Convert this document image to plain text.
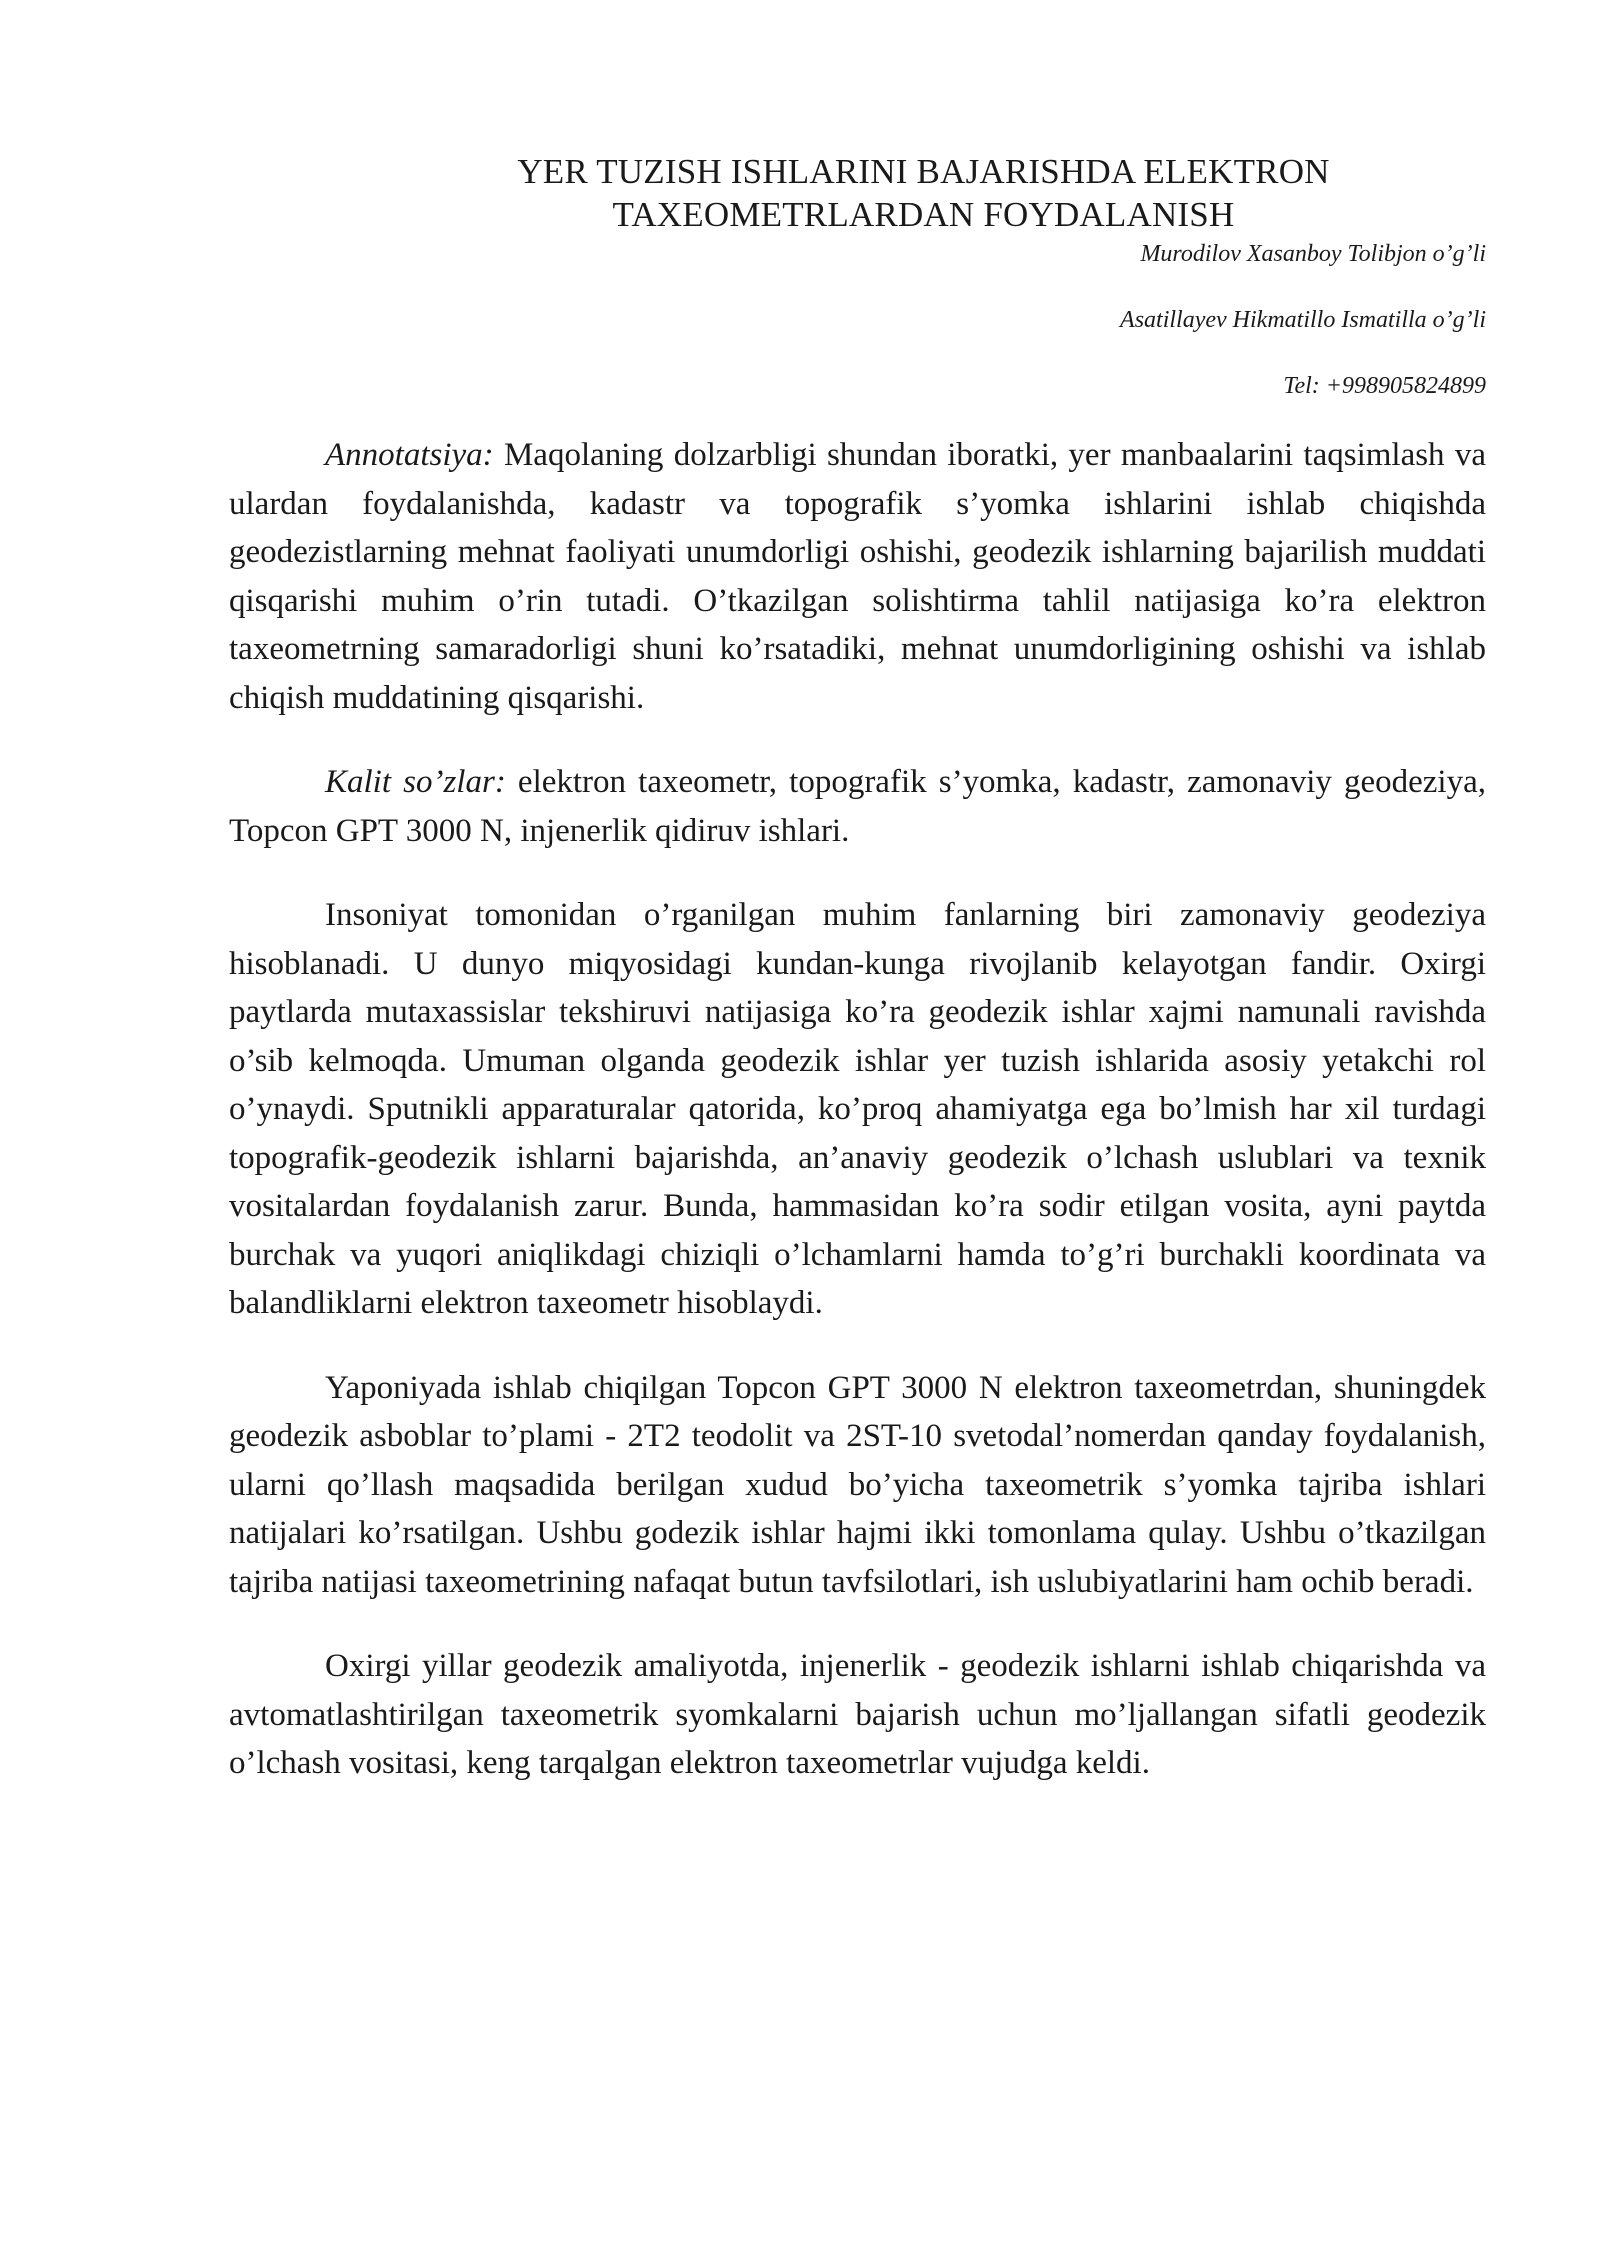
YER TUZISH ISHLARINI BAJARISHDA ELEKTRON
TAXEOMETRLARDAN FOYDALANISH
Murodilov Xasanboy Tolibjon o’g’li
Asatillayev Hikmatillo Ismatilla o’g’li
Tel: +998905824899

Annotatsiya: Maqolaning dolzarbligi shundan iboratki, yer manbaalarini taqsimlash va ulardan foydalanishda, kadastr va topografik s’yomka ishlarini ishlab chiqishda geodezistlarning mehnat faoliyati unumdorligi oshishi, geodezik ishlarning bajarilish muddati qisqarishi muhim o’rin tutadi. O’tkazilgan solishtirma tahlil natijasiga ko’ra elektron taxeometrning samaradorligi shuni ko’rsatadiki, mehnat unumdorligining oshishi va ishlab chiqish muddatining qisqarishi.

Kalit so’zlar: elektron taxeometr, topografik s’yomka, kadastr, zamonaviy geodeziya, Topcon GPT 3000 N, injenerlik qidiruv ishlari.

Insoniyat tomonidan o’rganilgan muhim fanlarning biri zamonaviy geodeziya hisoblanadi. U dunyo miqyosidagi kundan-kunga rivojlanib kelayotgan fandir. Oxirgi paytlarda mutaxassislar tekshiruvi natijasiga ko’ra geodezik ishlar xajmi namunali ravishda o’sib kelmoqda. Umuman olganda geodezik ishlar yer tuzish ishlarida asosiy yetakchi rol o’ynaydi. Sputnikli apparaturalar qatorida, ko’proq ahamiyatga ega bo’lmish har xil turdagi topografik-geodezik ishlarni bajarishda, an’anaviy geodezik o’lchash uslublari va texnik vositalardan foydalanish zarur. Bunda, hammasidan ko’ra sodir etilgan vosita, ayni paytda burchak va yuqori aniqlikdagi chiziqli o’lchamlarni hamda to’g’ri burchakli koordinata va balandliklarni elektron taxeometr hisoblaydi.

Yaponiyada ishlab chiqilgan Topcon GPT 3000 N elektron taxeometrdan, shuningdek geodezik asboblar to’plami - 2T2 teodolit va 2ST-10 svetodal’nomerdan qanday foydalanish, ularni qo’llash maqsadida berilgan xudud bo’yicha taxeometrik s’yomka tajriba ishlari natijalari ko’rsatilgan. Ushbu godezik ishlar hajmi ikki tomonlama qulay. Ushbu o’tkazilgan tajriba natijasi taxeometrining nafaqat butun tavfsilotlari, ish uslubiyatlarini ham ochib beradi.

Oxirgi yillar geodezik amaliyotda, injenerlik - geodezik ishlarni ishlab chiqarishda va avtomatlashtirilgan taxeometrik syomkalarni bajarish uchun mo’ljallangan sifatli geodezik o’lchash vositasi, keng tarqalgan elektron taxeometrlar vujudga keldi.
